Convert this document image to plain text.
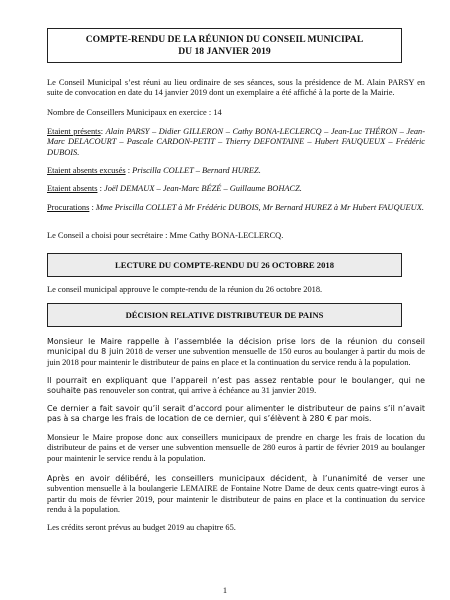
COMPTE-RENDU DE LA RÉUNION DU CONSEIL MUNICIPAL
DU 18 JANVIER 2019

Le Conseil Municipal s’est réuni au lieu ordinaire de ses séances, sous la présidence de M. Alain PARSY en suite de convocation en date du 14 janvier 2019 dont un exemplaire a été affiché à la porte de la Mairie.

Nombre de Conseillers Municipaux en exercice : 14

Etaient présents: Alain PARSY – Didier GILLERON – Cathy BONA-LECLERCQ – Jean-Luc THÉRON – Jean-Marc DELACOURT – Pascale CARDON-PETIT – Thierry DEFONTAINE – Hubert FAUQUEUX – Frédéric DUBOIS.

Etaient absents excusés : Priscilla COLLET – Bernard HUREZ.

Etaient absents : Joël DEMAUX – Jean-Marc BÉZÉ – Guillaume BOHACZ.

Procurations : Mme Priscilla COLLET à Mr Frédéric DUBOIS, Mr Bernard HUREZ à Mr Hubert FAUQUEUX.

Le Conseil a choisi pour secrétaire : Mme Cathy BONA-LECLERCQ.

LECTURE DU COMPTE-RENDU DU 26 OCTOBRE 2018

Le conseil municipal approuve le compte-rendu de la réunion du 26 octobre 2018.

DÉCISION RELATIVE DISTRIBUTEUR DE PAINS

Monsieur le Maire rappelle à l’assemblée la décision prise lors de la réunion du conseil municipal du 8 juin 2018 de verser une subvention mensuelle de 150 euros au boulanger à partir du mois de juin 2018 pour maintenir le distributeur de pains en place et la continuation du service rendu à la population.

Il pourrait en expliquant que l’appareil n’est pas assez rentable pour le boulanger, qui ne souhaite pas renouveler son contrat, qui arrive à échéance au 31 janvier 2019.

Ce dernier a fait savoir qu’il serait d’accord pour alimenter le distributeur de pains s’il n’avait pas à sa charge les frais de location de ce dernier, qui s’élèvent à 280 € par mois.

Monsieur le Maire propose donc aux conseillers municipaux de prendre en charge les frais de location du distributeur de pains et de verser une subvention mensuelle de 280 euros à partir de février 2019 au boulanger pour maintenir le service rendu à la population.

Après en avoir délibéré, les conseillers municipaux décident, à l’unanimité de verser une subvention mensuelle à la boulangerie LEMAIRE de Fontaine Notre Dame de deux cents quatre-vingt euros à partir du mois de février 2019, pour maintenir le distributeur de pains en place et la continuation du service rendu à la population.

Les crédits seront prévus au budget 2019 au chapitre 65.

1
